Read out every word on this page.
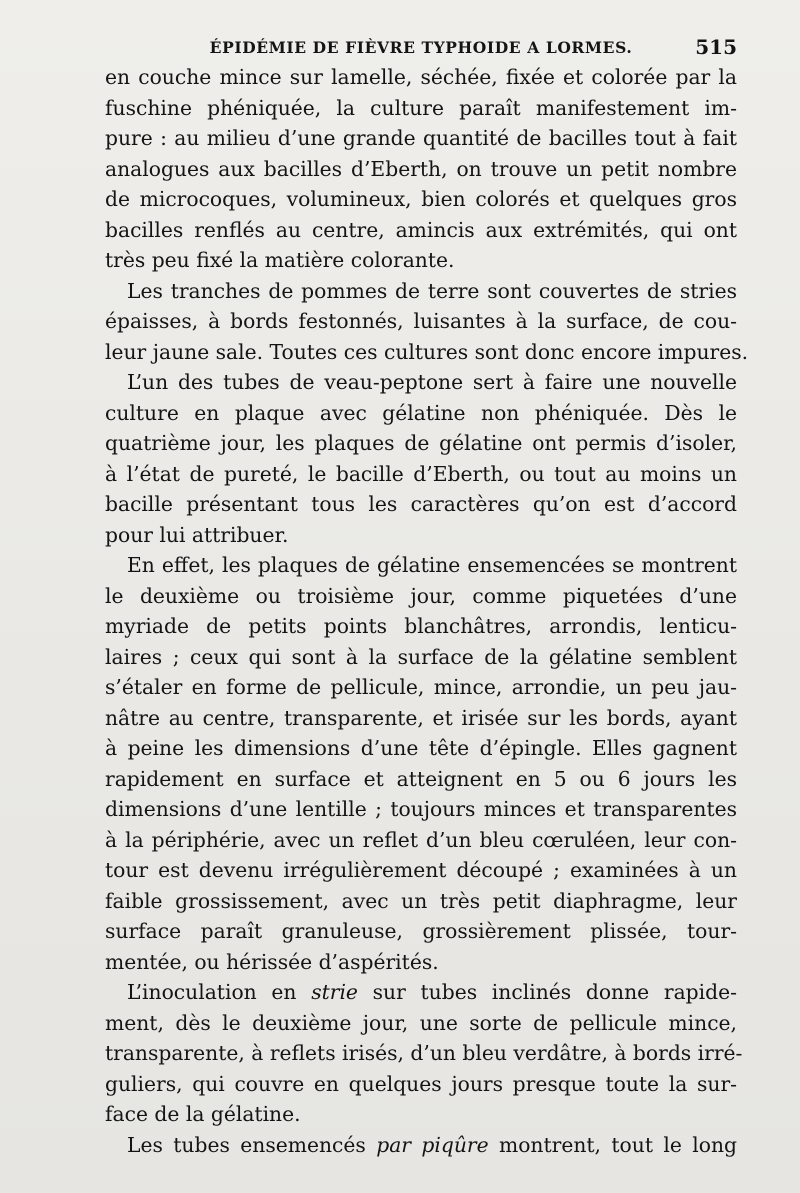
ÉPIDÉMIE DE FIÈVRE TYPHOIDE A LORMES.	515
en couche mince sur lamelle, séchée, fixée et colorée par la
fuschine phéniquée, la culture paraît manifestement im-
pure : au milieu d’une grande quantité de bacilles tout à fait
analogues aux bacilles d’Eberth, on trouve un petit nombre
de microcoques, volumineux, bien colorés et quelques gros
bacilles renflés au centre, amincis aux extrémités, qui ont
très peu fixé la matière colorante.
Les tranches de pommes de terre sont couvertes de stries
épaisses, à bords festonnés, luisantes à la surface, de cou-
leur jaune sale. Toutes ces cultures sont donc encore impures.
L’un des tubes de veau-peptone sert à faire une nouvelle
culture en plaque avec gélatine non phéniquée. Dès le
quatrième jour, les plaques de gélatine ont permis d’isoler,
à l’état de pureté, le bacille d’Eberth, ou tout au moins un
bacille présentant tous les caractères qu’on est d’accord
pour lui attribuer.
En effet, les plaques de gélatine ensemencées se montrent
le deuxième ou troisième jour, comme piquetées d’une
myriade de petits points blanchâtres, arrondis, lenticu-
laires ; ceux qui sont à la surface de la gélatine semblent
s’étaler en forme de pellicule, mince, arrondie, un peu jau-
nâtre au centre, transparente, et irisée sur les bords, ayant
à peine les dimensions d’une tête d’épingle. Elles gagnent
rapidement en surface et atteignent en 5 ou 6 jours les
dimensions d’une lentille ; toujours minces et transparentes
à la périphérie, avec un reflet d’un bleu cœruléen, leur con-
tour est devenu irrégulièrement découpé ; examinées à un
faible grossissement, avec un très petit diaphragme, leur
surface paraît granuleuse, grossièrement plissée, tour-
mentée, ou hérissée d’aspérités.
L’inoculation en strie sur tubes inclinés donne rapide-
ment, dès le deuxième jour, une sorte de pellicule mince,
transparente, à reflets irisés, d’un bleu verdâtre, à bords irré-
guliers, qui couvre en quelques jours presque toute la sur-
face de la gélatine.
Les tubes ensemencés par piqûre montrent, tout le long
